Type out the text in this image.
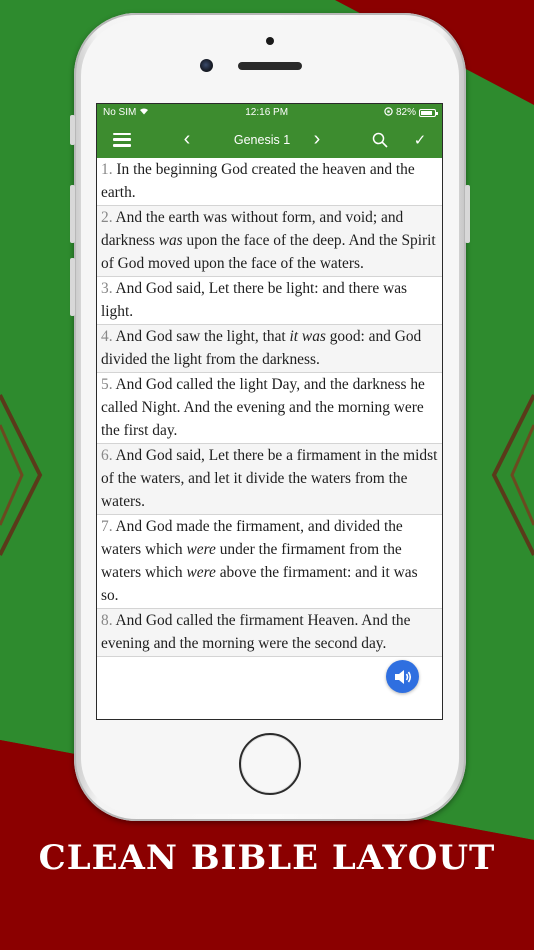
No SIM	12:16 PM	82%
‹	Genesis 1	›	✓

1. In the beginning God created the heaven and the earth.

2. And the earth was without form, and void; and darkness was upon the face of the deep. And the Spirit of God moved upon the face of the waters.

3. And God said, Let there be light: and there was light.

4. And God saw the light, that it was good: and God divided the light from the darkness.

5. And God called the light Day, and the darkness he called Night. And the evening and the morning were the first day.

6. And God said, Let there be a firmament in the midst of the waters, and let it divide the waters from the waters.

7. And God made the firmament, and divided the waters which were under the firmament from the waters which were above the firmament: and it was so.

8. And God called the firmament Heaven. And the evening and the morning were the second day.

CLEAN BIBLE LAYOUT
